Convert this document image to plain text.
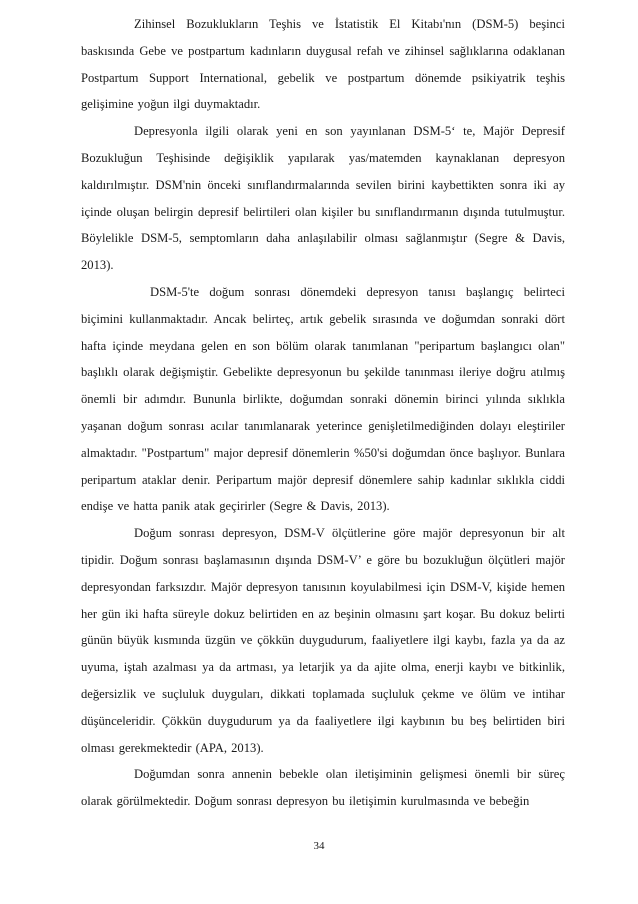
Zihinsel Bozuklukların Teşhis ve İstatistik El Kitabı'nın (DSM-5) beşinci baskısında Gebe ve postpartum kadınların duygusal refah ve zihinsel sağlıklarına odaklanan Postpartum Support International, gebelik ve postpartum dönemde psikiyatrik teşhis gelişimine yoğun ilgi duymaktadır.

Depresyonla ilgili olarak yeni en son yayınlanan DSM-5‘ te, Majör Depresif Bozukluğun Teşhisinde değişiklik yapılarak yas/matemden kaynaklanan depresyon kaldırılmıştır. DSM'nin önceki sınıflandırmalarında sevilen birini kaybettikten sonra iki ay içinde oluşan belirgin depresif belirtileri olan kişiler bu sınıflandırmanın dışında tutulmuştur. Böylelikle DSM-5, semptomların daha anlaşılabilir olması sağlanmıştır (Segre & Davis, 2013).

DSM-5'te doğum sonrası dönemdeki depresyon tanısı başlangıç belirteci biçimini kullanmaktadır. Ancak belirteç, artık gebelik sırasında ve doğumdan sonraki dört hafta içinde meydana gelen en son bölüm olarak tanımlanan "peripartum başlangıcı olan" başlıklı olarak değişmiştir. Gebelikte depresyonun bu şekilde tanınması ileriye doğru atılmış önemli bir adımdır. Bununla birlikte, doğumdan sonraki dönemin birinci yılında sıklıkla yaşanan doğum sonrası acılar tanımlanarak yeterince genişletilmediğinden dolayı eleştiriler almaktadır. "Postpartum" major depresif dönemlerin %50'si doğumdan önce başlıyor. Bunlara peripartum ataklar denir. Peripartum majör depresif dönemlere sahip kadınlar sıklıkla ciddi endişe ve hatta panik atak geçirirler (Segre & Davis, 2013).

Doğum sonrası depresyon, DSM-V ölçütlerine göre majör depresyonun bir alt tipidir. Doğum sonrası başlamasının dışında DSM-V’ e göre bu bozukluğun ölçütleri majör depresyondan farksızdır. Majör depresyon tanısının koyulabilmesi için DSM-V, kişide hemen her gün iki hafta süreyle dokuz belirtiden en az beşinin olmasını şart koşar. Bu dokuz belirti günün büyük kısmında üzgün ve çökkün duygudurum, faaliyetlere ilgi kaybı, fazla ya da az uyuma, iştah azalması ya da artması, ya letarjik ya da ajite olma, enerji kaybı ve bitkinlik, değersizlik ve suçluluk duyguları, dikkati toplamada suçluluk çekme ve ölüm ve intihar düşünceleridir. Çökkün duygudurum ya da faaliyetlere ilgi kaybının bu beş belirtiden biri olması gerekmektedir (APA, 2013).

Doğumdan sonra annenin bebekle olan iletişiminin gelişmesi önemli bir süreç olarak görülmektedir. Doğum sonrası depresyon bu iletişimin kurulmasında ve bebeğin

34
